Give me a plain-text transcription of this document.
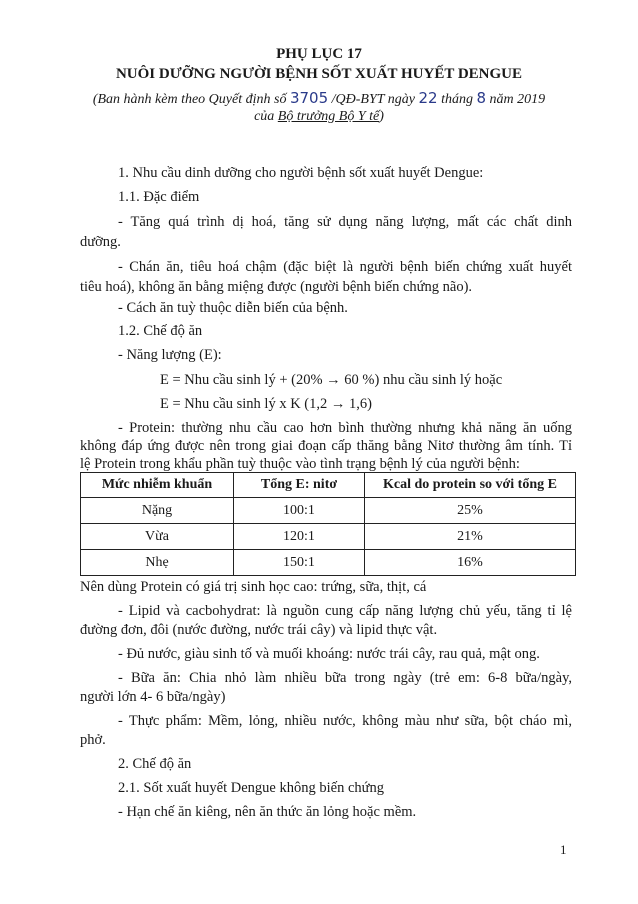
PHỤ LỤC 17
NUÔI DƯỠNG NGƯỜI BỆNH SỐT XUẤT HUYẾT DENGUE
(Ban hành kèm theo Quyết định số 3705 /QĐ-BYT ngày 22 tháng 8 năm 2019
của Bộ trưởng Bộ Y tế)
1. Nhu cầu dinh dưỡng cho người bệnh sốt xuất huyết Dengue:
1.1. Đặc điểm
- Tăng quá trình dị hoá, tăng sử dụng năng lượng, mất các chất dinh
dưỡng.
- Chán ăn, tiêu hoá chậm (đặc biệt là người bệnh biến chứng xuất huyết
tiêu hoá), không ăn bằng miệng được (người bệnh biến chứng não).
- Cách ăn tuỳ thuộc diễn biến của bệnh.
1.2. Chế độ ăn
- Năng lượng (E):
E = Nhu cầu sinh lý + (20% → 60 %) nhu cầu sinh lý hoặc
E = Nhu cầu sinh lý x K (1,2 → 1,6)
- Protein: thường nhu cầu cao hơn bình thường nhưng khả năng ăn uống
không đáp ứng được nên trong giai đoạn cấp thăng bằng Nitơ thường âm tính. Tỉ
lệ Protein trong khẩu phần tuỳ thuộc vào tình trạng bệnh lý của người bệnh:
Mức nhiễm khuẩn	Tổng E: nitơ	Kcal do protein so với tổng E
Nặng	100:1	25%
Vừa	120:1	21%
Nhẹ	150:1	16%
Nên dùng Protein có giá trị sinh học cao: trứng, sữa, thịt, cá
- Lipid và cacbohydrat: là nguồn cung cấp năng lượng chủ yếu, tăng tỉ lệ
đường đơn, đôi (nước đường, nước trái cây) và lipid thực vật.
- Đủ nước, giàu sinh tố và muối khoáng: nước trái cây, rau quả, mật ong.
- Bữa ăn: Chia nhỏ làm nhiều bữa trong ngày (trẻ em: 6-8 bữa/ngày,
người lớn 4- 6 bữa/ngày)
- Thực phẩm: Mềm, lỏng, nhiều nước, không màu như sữa, bột cháo mì,
phở.
2. Chế độ ăn
2.1. Sốt xuất huyết Dengue không biến chứng
- Hạn chế ăn kiêng, nên ăn thức ăn lỏng hoặc mềm.
1
